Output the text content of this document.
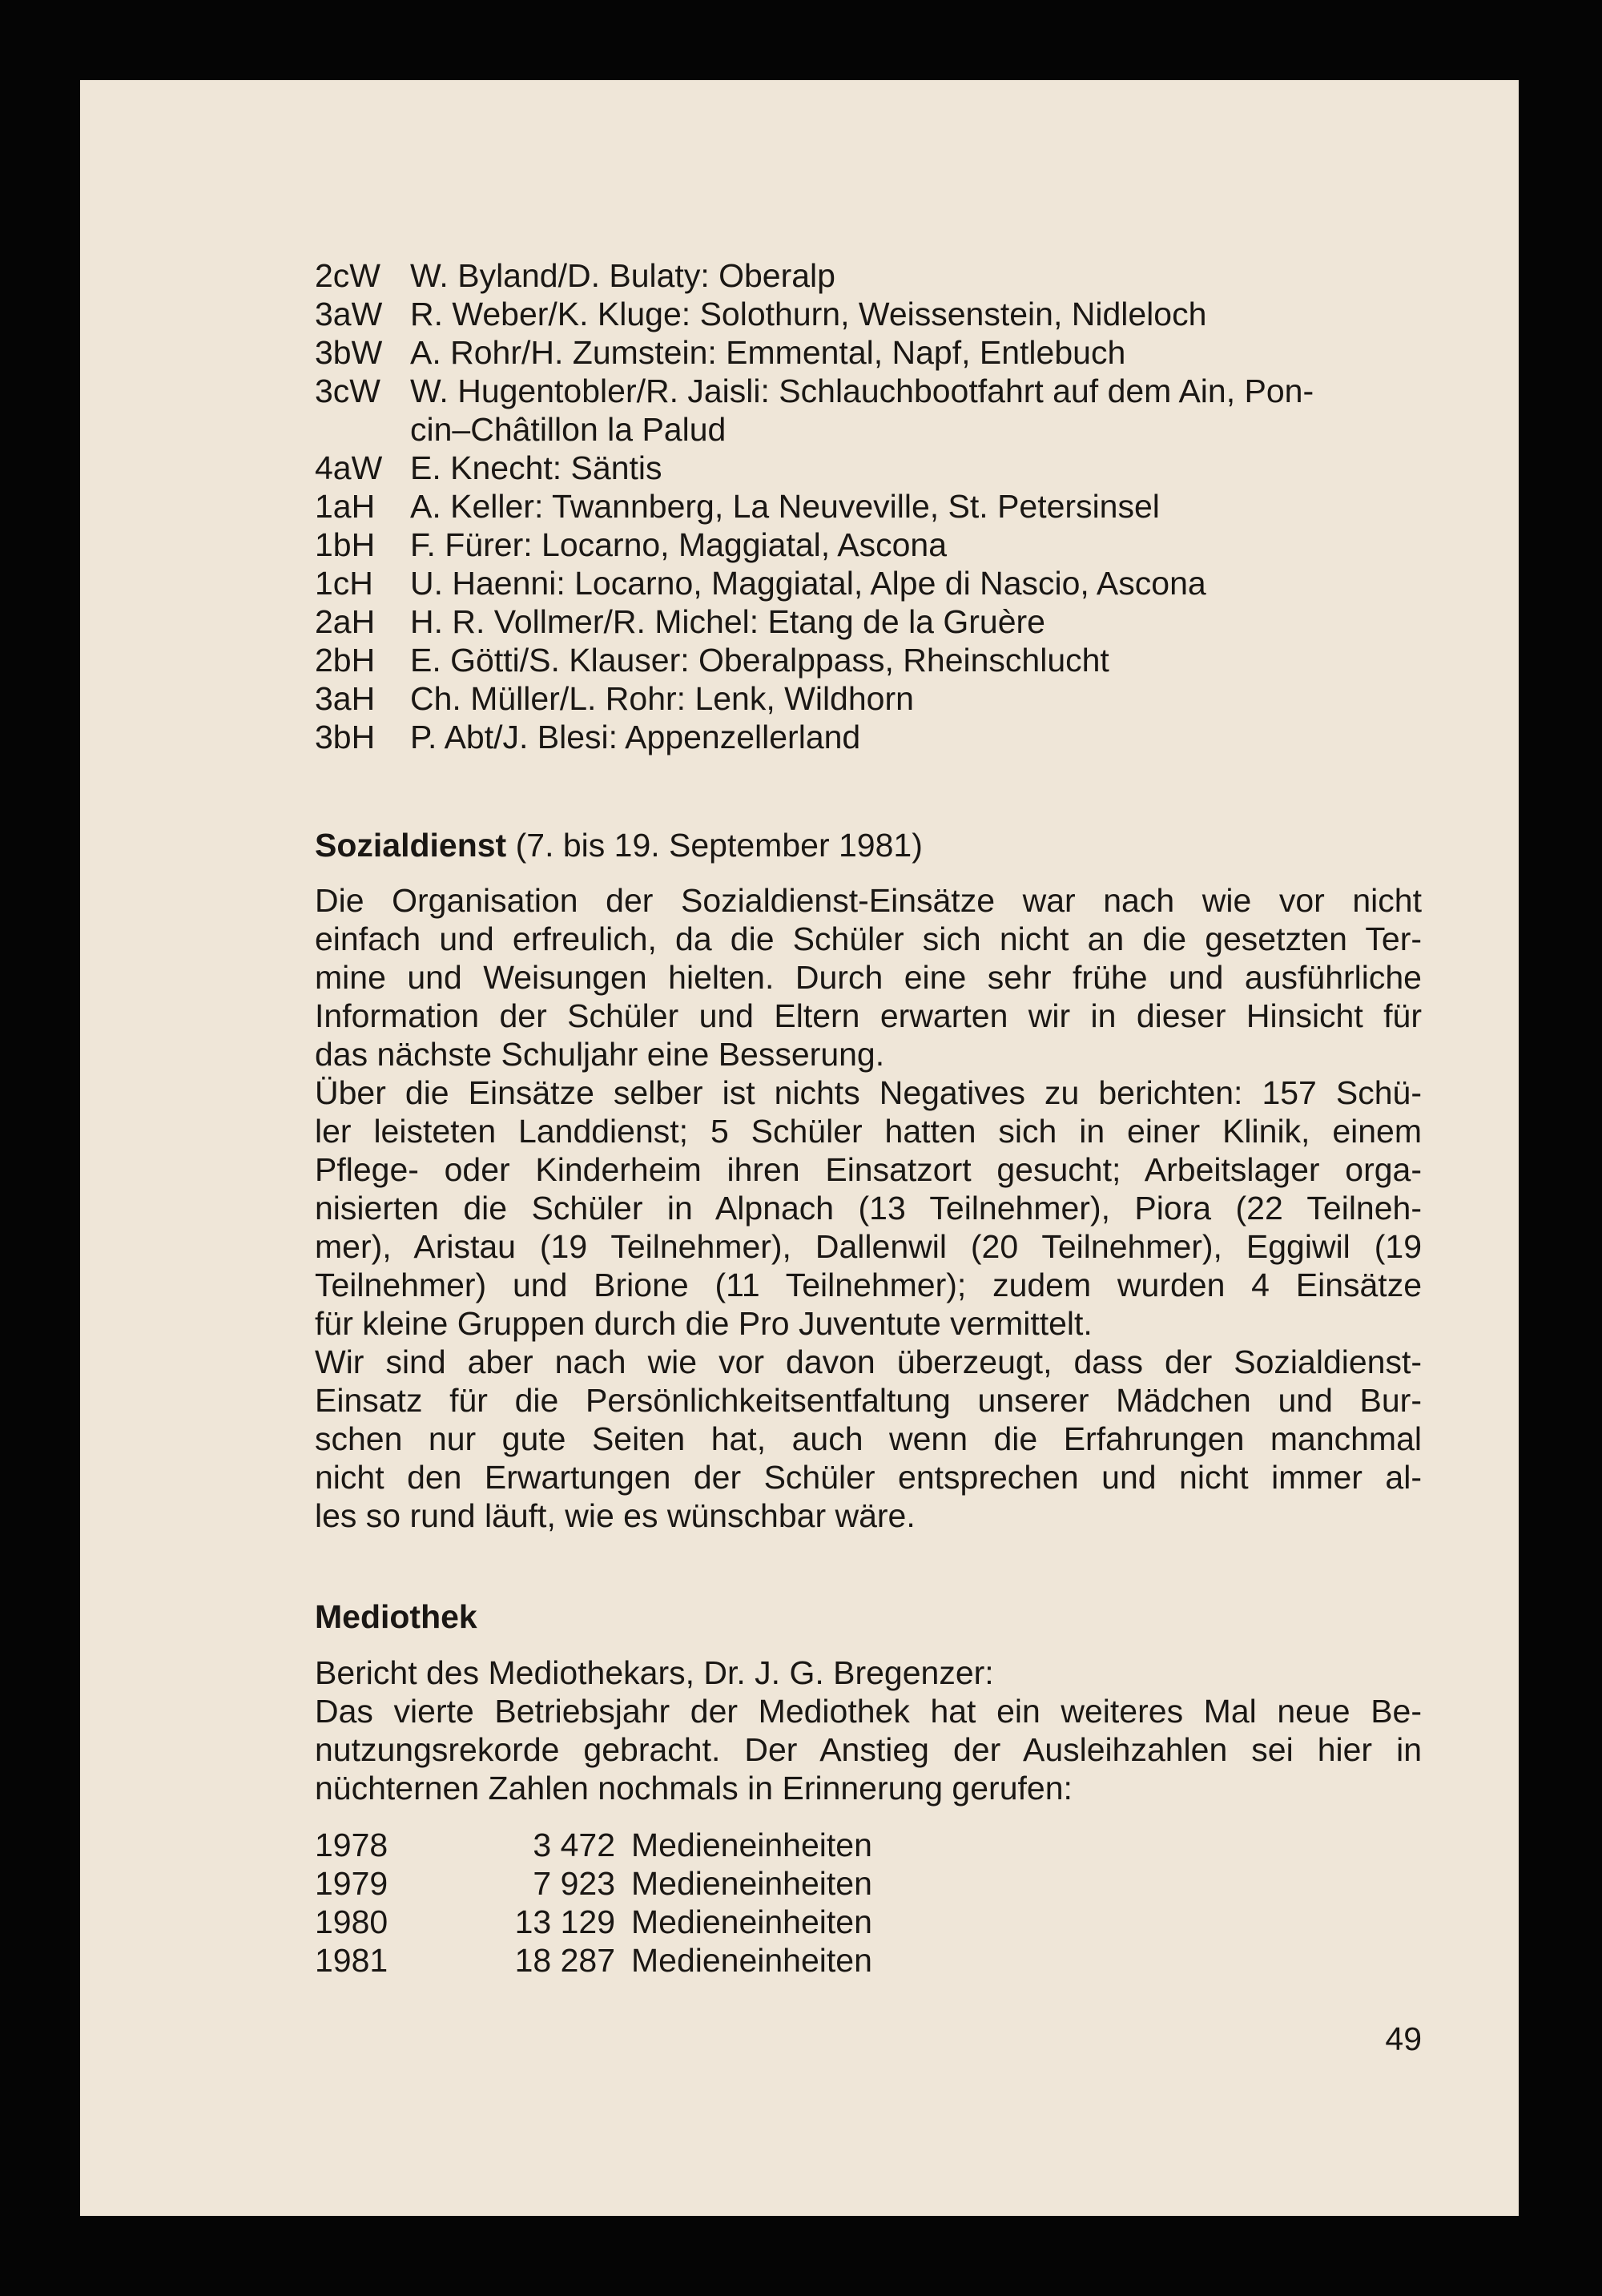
2cW W. Byland/D. Bulaty: Oberalp
3aW R. Weber/K. Kluge: Solothurn, Weissenstein, Nidleloch
3bW A. Rohr/H. Zumstein: Emmental, Napf, Entlebuch
3cW W. Hugentobler/R. Jaisli: Schlauchbootfahrt auf dem Ain, Pon-
cin–Châtillon la Palud
4aW E. Knecht: Säntis
1aH A. Keller: Twannberg, La Neuveville, St. Petersinsel
1bH F. Fürer: Locarno, Maggiatal, Ascona
1cH U. Haenni: Locarno, Maggiatal, Alpe di Nascio, Ascona
2aH H. R. Vollmer/R. Michel: Etang de la Gruère
2bH E. Götti/S. Klauser: Oberalppass, Rheinschlucht
3aH Ch. Müller/L. Rohr: Lenk, Wildhorn
3bH P. Abt/J. Blesi: Appenzellerland
Sozialdienst (7. bis 19. September 1981)
Die Organisation der Sozialdienst-Einsätze war nach wie vor nicht
einfach und erfreulich, da die Schüler sich nicht an die gesetzten Ter-
mine und Weisungen hielten. Durch eine sehr frühe und ausführliche
Information der Schüler und Eltern erwarten wir in dieser Hinsicht für
das nächste Schuljahr eine Besserung.
Über die Einsätze selber ist nichts Negatives zu berichten: 157 Schü-
ler leisteten Landdienst; 5 Schüler hatten sich in einer Klinik, einem
Pflege- oder Kinderheim ihren Einsatzort gesucht; Arbeitslager orga-
nisierten die Schüler in Alpnach (13 Teilnehmer), Piora (22 Teilneh-
mer), Aristau (19 Teilnehmer), Dallenwil (20 Teilnehmer), Eggiwil (19
Teilnehmer) und Brione (11 Teilnehmer); zudem wurden 4 Einsätze
für kleine Gruppen durch die Pro Juventute vermittelt.
Wir sind aber nach wie vor davon überzeugt, dass der Sozialdienst-
Einsatz für die Persönlichkeitsentfaltung unserer Mädchen und Bur-
schen nur gute Seiten hat, auch wenn die Erfahrungen manchmal
nicht den Erwartungen der Schüler entsprechen und nicht immer al-
les so rund läuft, wie es wünschbar wäre.
Mediothek
Bericht des Mediothekars, Dr. J. G. Bregenzer:
Das vierte Betriebsjahr der Mediothek hat ein weiteres Mal neue Be-
nutzungsrekorde gebracht. Der Anstieg der Ausleihzahlen sei hier in
nüchternen Zahlen nochmals in Erinnerung gerufen:
1978	3 472 Medieneinheiten
1979	7 923 Medieneinheiten
1980	13 129 Medieneinheiten
1981	18 287 Medieneinheiten
49
